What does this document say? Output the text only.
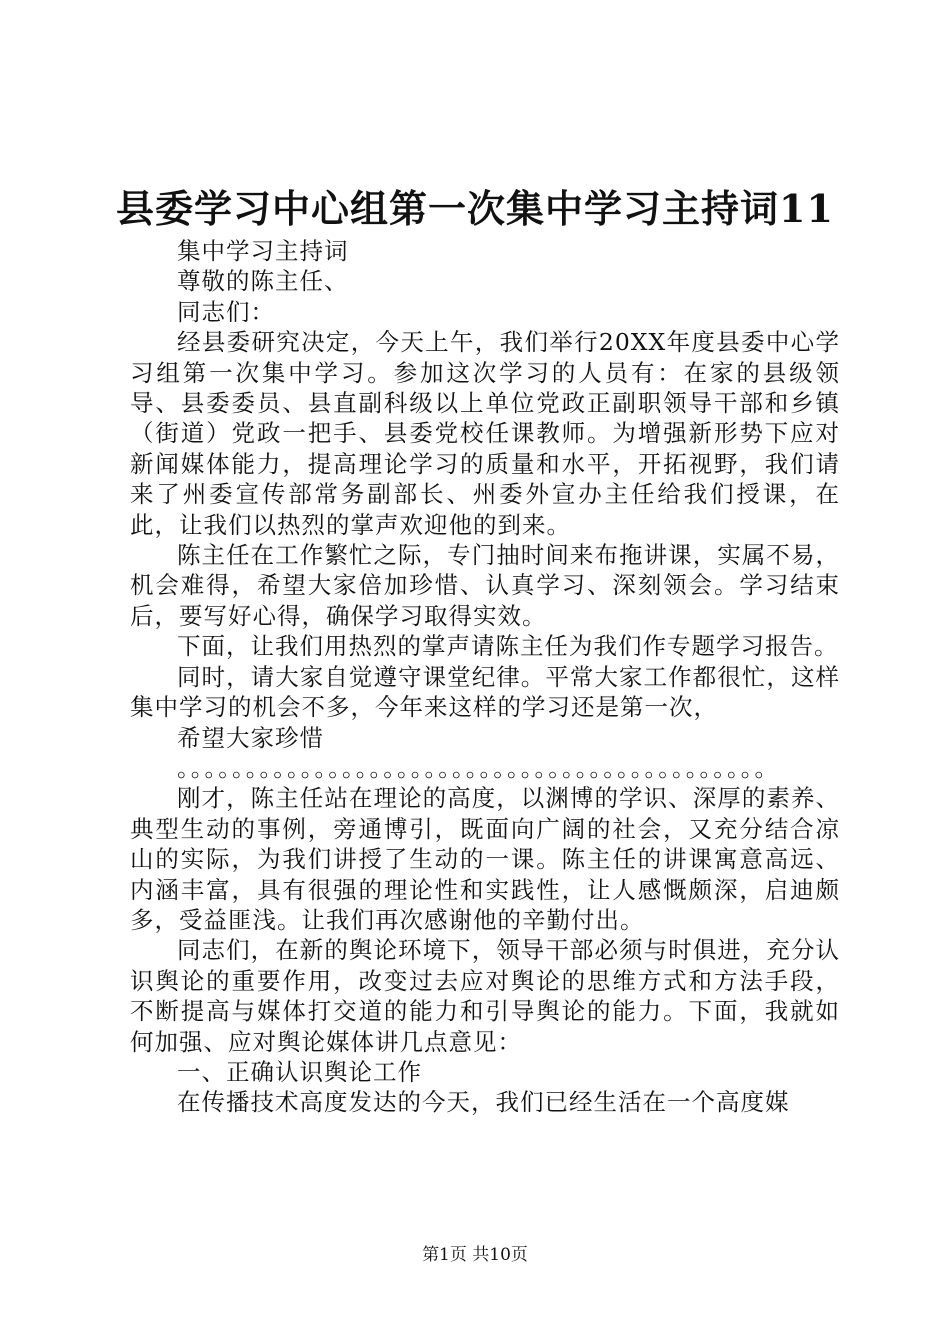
县委学习中心组第一次集中学习主持词11

集中学习主持词

尊敬的陈主任、

同志们：

经县委研究决定，今天上午，我们举行20XX年度县委中心学习组第一次集中学习。参加这次学习的人员有：在家的县级领导、县委委员、县直副科级以上单位党政正副职领导干部和乡镇（街道）党政一把手、县委党校任课教师。为增强新形势下应对新闻媒体能力，提高理论学习的质量和水平，开拓视野，我们请来了州委宣传部常务副部长、州委外宣办主任给我们授课，在此，让我们以热烈的掌声欢迎他的到来。

陈主任在工作繁忙之际，专门抽时间来布拖讲课，实属不易，机会难得，希望大家倍加珍惜、认真学习、深刻领会。学习结束后，要写好心得，确保学习取得实效。

下面，让我们用热烈的掌声请陈主任为我们作专题学习报告。

同时，请大家自觉遵守课堂纪律。平常大家工作都很忙，这样集中学习的机会不多，今年来这样的学习还是第一次，

希望大家珍惜

。。。。。。。。。。。。。。。。。。。。。。。。。。。。。。。。。。。。。。。。。。。

刚才，陈主任站在理论的高度，以渊博的学识、深厚的素养、典型生动的事例，旁通博引，既面向广阔的社会，又充分结合凉山的实际，为我们讲授了生动的一课。陈主任的讲课寓意高远、内涵丰富，具有很强的理论性和实践性，让人感慨颇深，启迪颇多，受益匪浅。让我们再次感谢他的辛勤付出。

同志们，在新的舆论环境下，领导干部必须与时俱进，充分认识舆论的重要作用，改变过去应对舆论的思维方式和方法手段，不断提高与媒体打交道的能力和引导舆论的能力。下面，我就如何加强、应对舆论媒体讲几点意见：

一、正确认识舆论工作

在传播技术高度发达的今天，我们已经生活在一个高度媒

第1页 共10页
